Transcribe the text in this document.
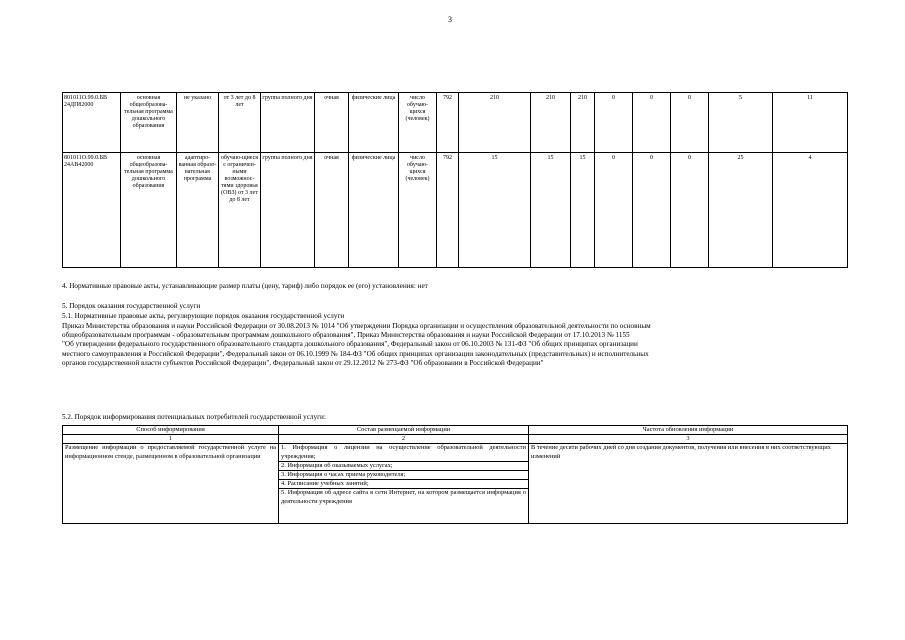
3
801011О.99.0.БВ 24ДП82000	основная общеобразова-тельная программа дошкольного образования	не указано	от 3 лет до 8 лет	группа полного дня	очная	физические лица	число обучаю-щихся (человек)	792	210	210	210	0	0	0	5	11
801011О.99.0.БВ 24АВ42000	основная общеобразова-тельная программа дошкольного образования	адаптиро-ванная образо-вательная программа	обучаю-щиеся с ограничен-ными возможнос-тями здоровья (ОВЗ) от 3 лет до 8 лет	группа полного дня	очная	физические лица	число обучаю-щихся (человек)	792	15	15	15	0	0	0	25	4
4. Нормативные правовые акты, устанавливающие размер платы (цену, тариф) либо порядок ее (его) установления: нет
5. Порядок оказания государственной услуги
5.1. Нормативные правовые акты, регулирующие порядок оказания государственной услуги
Приказ Министерства образования и науки Российской Федерации от 30.08.2013 № 1014 "Об утверждении Порядка организации и осуществления образовательной деятельности по основным
общеобразовательным программам - образовательным программам дошкольного образования", Приказ Министерства образования и науки Российской Федерации от 17.10.2013 № 1155
"Об утверждении федерального государственного образовательного стандарта дошкольного образования", Федеральный закон от 06.10.2003 № 131-ФЗ "Об общих принципах организации
местного самоуправления в Российской Федерации", Федеральный закон от 06.10.1999 № 184-ФЗ "Об общих принципах организации законодательных (представительных) и исполнительных
органов государственной власти субъектов Российской Федерации", Федеральный закон от 29.12.2012 № 273-ФЗ "Об образовании в Российской Федерации"
5.2. Порядок информирования потенциальных потребителей государственной услуги:
Способ информирования	Состав размещаемой информации	Частота обновления информации
1	2	3
Размещение информации о предоставляемой государственной услуге на информационном стенде, размещенном в образовательной организации	1. Информация о лицензии на осуществление образовательной деятельности учреждения;
2. Информация об оказываемых услугах;
3. Информация о часах приема руководителя;
4. Расписание учебных занятий;
5. Информация об адресе сайта в сети Интернет, на котором размещается информация о деятельности учреждения	В течение десяти рабочих дней со дня создания документов, получения или внесения в них соответствующих изменений
